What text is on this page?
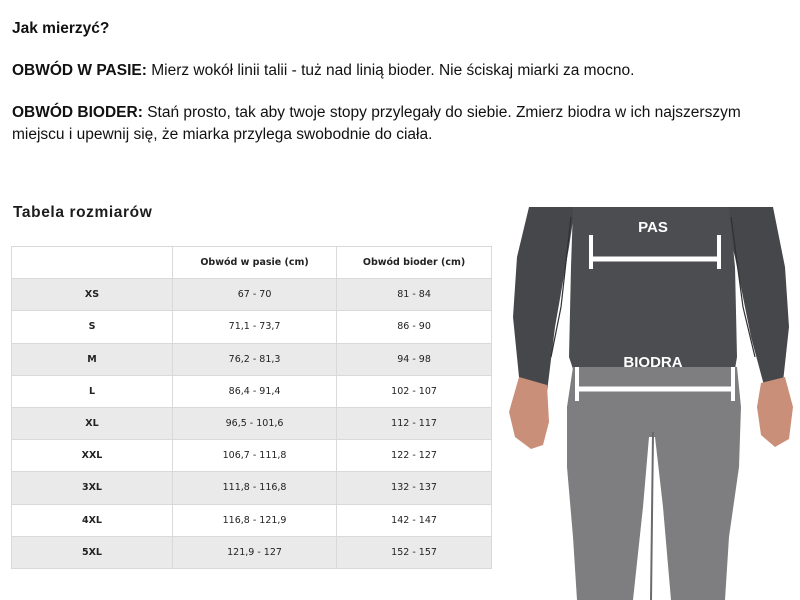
Jak mierzyć?

OBWÓD W PASIE: Mierz wokół linii talii - tuż nad linią bioder. Nie ściskaj miarki za mocno.

OBWÓD BIODER: Stań prosto, tak aby twoje stopy przylegały do siebie. Zmierz biodra w ich najszerszym miejscu i upewnij się, że miarka przylega swobodnie do ciała.

Tabela rozmiarów
	Obwód w pasie (cm)	Obwód bioder (cm)
XS	67 - 70	81 - 84
S	71,1 - 73,7	86 - 90
M	76,2 - 81,3	94 - 98
L	86,4 - 91,4	102 - 107
XL	96,5 - 101,6	112 - 117
XXL	106,7 - 111,8	122 - 127
3XL	111,8 - 116,8	132 - 137
4XL	116,8 - 121,9	142 - 147
5XL	121,9 - 127	152 - 157
PAS
BIODRA
